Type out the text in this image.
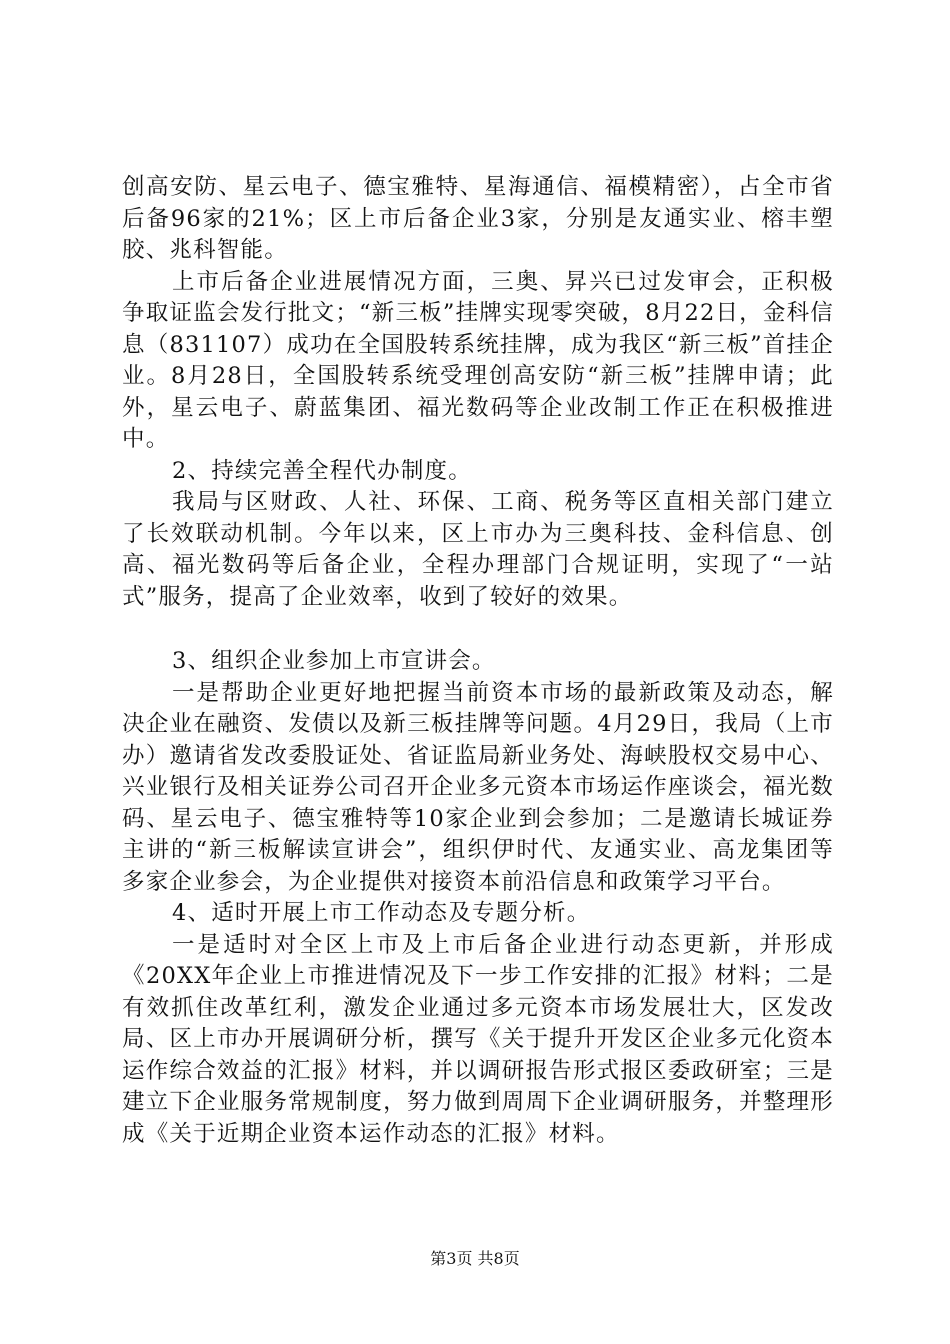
创高安防、星云电子、德宝雅特、星海通信、福模精密），占全市省后备96家的21%；区上市后备企业3家，分别是友通实业、榕丰塑胶、兆科智能。

上市后备企业进展情况方面，三奥、昇兴已过发审会，正积极争取证监会发行批文；“新三板”挂牌实现零突破，8月22日，金科信息（831107）成功在全国股转系统挂牌，成为我区“新三板”首挂企业。8月28日，全国股转系统受理创高安防“新三板”挂牌申请；此外，星云电子、蔚蓝集团、福光数码等企业改制工作正在积极推进中。

2、持续完善全程代办制度。

我局与区财政、人社、环保、工商、税务等区直相关部门建立了长效联动机制。今年以来，区上市办为三奥科技、金科信息、创高、福光数码等后备企业，全程办理部门合规证明，实现了“一站式”服务，提高了企业效率，收到了较好的效果。

3、组织企业参加上市宣讲会。

一是帮助企业更好地把握当前资本市场的最新政策及动态，解决企业在融资、发债以及新三板挂牌等问题。4月29日，我局（上市办）邀请省发改委股证处、省证监局新业务处、海峡股权交易中心、兴业银行及相关证券公司召开企业多元资本市场运作座谈会，福光数码、星云电子、德宝雅特等10家企业到会参加；二是邀请长城证券主讲的“新三板解读宣讲会”，组织伊时代、友通实业、高龙集团等多家企业参会，为企业提供对接资本前沿信息和政策学习平台。

4、适时开展上市工作动态及专题分析。

一是适时对全区上市及上市后备企业进行动态更新，并形成《20XX年企业上市推进情况及下一步工作安排的汇报》材料；二是有效抓住改革红利，激发企业通过多元资本市场发展壮大，区发改局、区上市办开展调研分析，撰写《关于提升开发区企业多元化资本运作综合效益的汇报》材料，并以调研报告形式报区委政研室；三是建立下企业服务常规制度，努力做到周周下企业调研服务，并整理形成《关于近期企业资本运作动态的汇报》材料。

第3页 共8页
